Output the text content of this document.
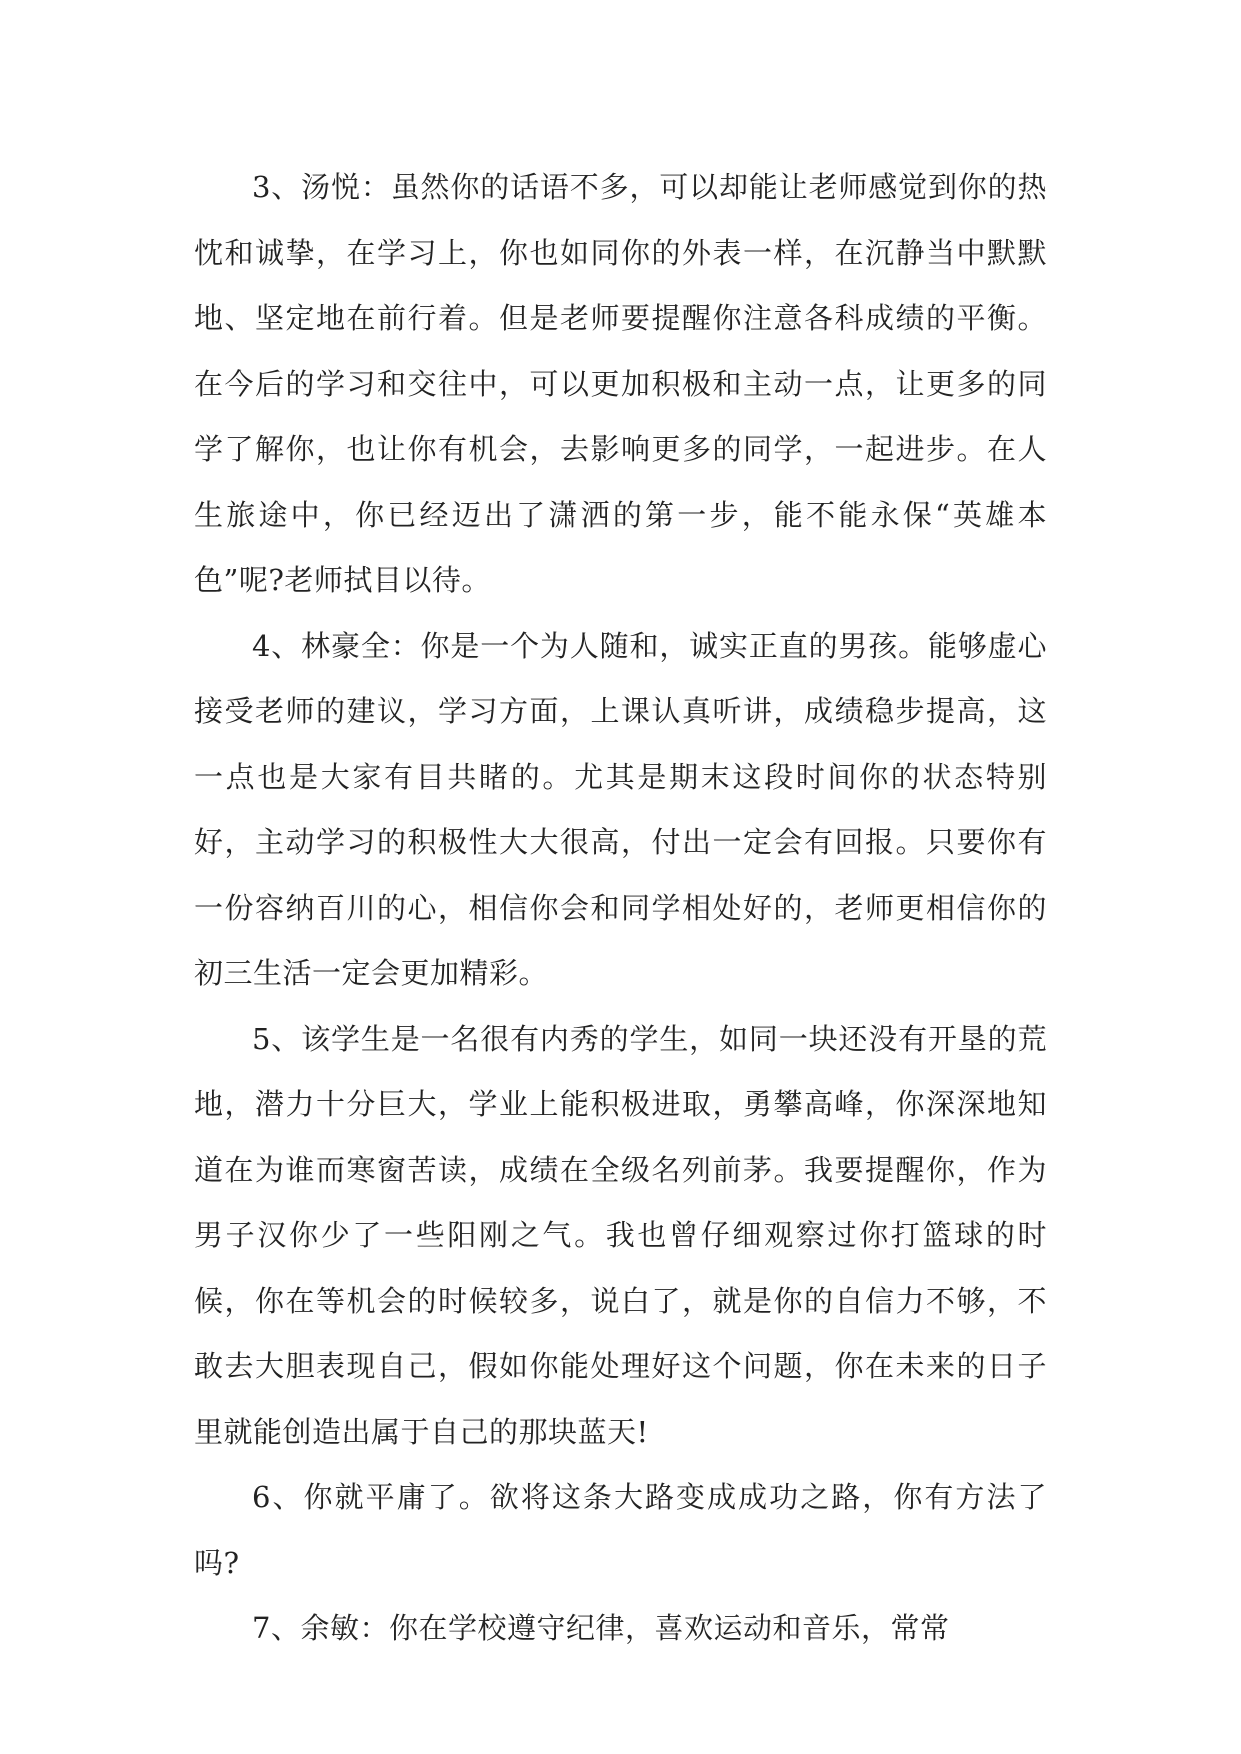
3、汤悦：虽然你的话语不多，可以却能让老师感觉到你的热忱和诚挚，在学习上，你也如同你的外表一样，在沉静当中默默地、坚定地在前行着。但是老师要提醒你注意各科成绩的平衡。在今后的学习和交往中，可以更加积极和主动一点，让更多的同学了解你，也让你有机会，去影响更多的同学，一起进步。在人生旅途中，你已经迈出了潇洒的第一步，能不能永保“英雄本色”呢?老师拭目以待。

4、林豪全：你是一个为人随和，诚实正直的男孩。能够虚心接受老师的建议，学习方面，上课认真听讲，成绩稳步提高，这一点也是大家有目共睹的。尤其是期末这段时间你的状态特别好，主动学习的积极性大大很高，付出一定会有回报。只要你有一份容纳百川的心，相信你会和同学相处好的，老师更相信你的初三生活一定会更加精彩。

5、该学生是一名很有内秀的学生，如同一块还没有开垦的荒地，潜力十分巨大，学业上能积极进取，勇攀高峰，你深深地知道在为谁而寒窗苦读，成绩在全级名列前茅。我要提醒你，作为男子汉你少了一些阳刚之气。我也曾仔细观察过你打篮球的时候，你在等机会的时候较多，说白了，就是你的自信力不够，不敢去大胆表现自己，假如你能处理好这个问题，你在未来的日子里就能创造出属于自己的那块蓝天!

6、你就平庸了。欲将这条大路变成成功之路，你有方法了吗?

7、余敏：你在学校遵守纪律，喜欢运动和音乐，常常
